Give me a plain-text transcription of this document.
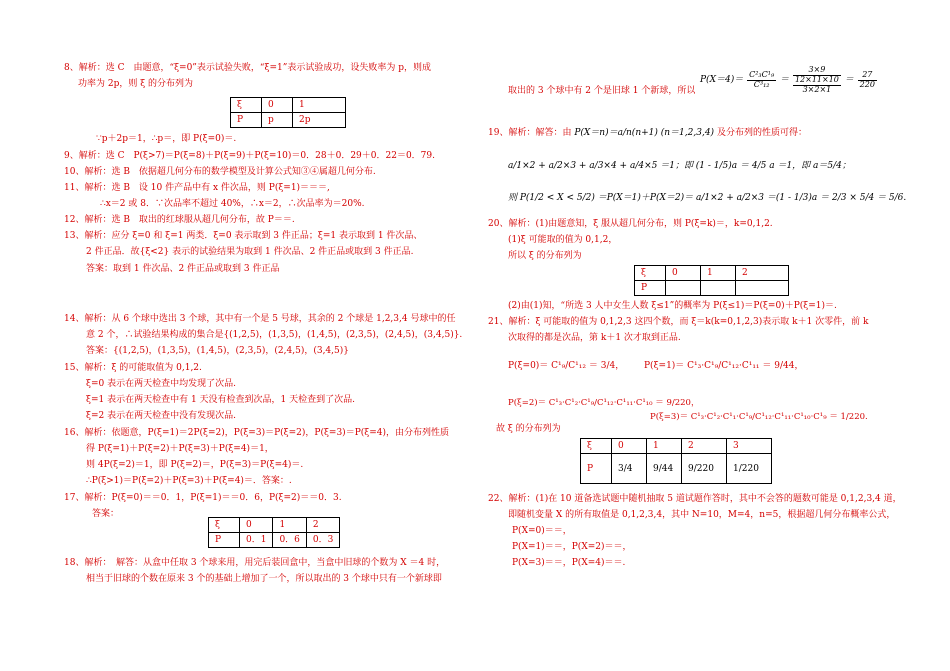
8、解析：选 C　由题意，“ξ=0”表示试验失败，“ξ=1”表示试验成功，设失败率为 p，则成
功率为 2p，则 ξ 的分布列为
ξ	0	1
P	p	2p
∵p＋2p＝1，∴p＝，即 P(ξ=0)＝.
9、解析：选 C　P(ξ>7)＝P(ξ=8)＋P(ξ=9)＋P(ξ=10)＝0．28＋0．29＋0．22＝0．79.
10、解析：选 B　依据超几何分布的数学模型及计算公式知③④属超几何分布.
11、解析：选 B　设 10 件产品中有 x 件次品，则 P(ξ=1)＝＝＝,
∴x＝2 或 8．∵次品率不超过 40%，∴x＝2，∴次品率为＝20%.
12、解析：选 B　取出的红球服从超几何分布，故 P＝＝.
13、解析：应分 ξ=0 和 ξ=1 两类．ξ=0 表示取到 3 件正品；ξ=1 表示取到 1 件次品、
2 件正品．故{ξ<2} 表示的试验结果为取到 1 件次品、2 件正品或取到 3 件正品.
答案：取到 1 件次品、2 件正品或取到 3 件正品
14、解析：从 6 个球中选出 3 个球，其中有一个是 5 号球，其余的 2 个球是 1,2,3,4 号球中的任
意 2 个，∴试验结果构成的集合是{(1,2,5)，(1,3,5)，(1,4,5)，(2,3,5)，(2,4,5)，(3,4,5)}.
答案：{(1,2,5)，(1,3,5)，(1,4,5)，(2,3,5)，(2,4,5)，(3,4,5)}
15、解析：ξ 的可能取值为 0,1,2.
ξ=0 表示在两天检查中均发现了次品.
ξ=1 表示在两天检查中有 1 天没有检查到次品，1 天检查到了次品.
ξ=2 表示在两天检查中没有发现次品.
16、解析：依题意，P(ξ=1)＝2P(ξ=2)，P(ξ=3)＝P(ξ=2)，P(ξ=3)＝P(ξ=4)，由分布列性质
得 P(ξ=1)＋P(ξ=2)＋P(ξ=3)＋P(ξ=4)＝1，
则 4P(ξ=2)＝1，即 P(ξ=2)＝，P(ξ=3)＝P(ξ=4)＝.
∴P(ξ>1)＝P(ξ=2)＋P(ξ=3)＋P(ξ=4)＝．答案：.
17、解析：P(ξ=0)＝＝0．1，P(ξ=1)＝＝0．6，P(ξ=2)＝＝0．3.
答案：
ξ	0	1	2
P	0．1	0．6	0．3
18、解析：　解答：从盒中任取 3 个球来用，用完后装回盒中，当盒中旧球的个数为 X ＝4 时，
相当于旧球的个数在原来 3 个的基础上增加了一个，所以取出的 3 个球中只有一个新球即
取出的 3 个球中有 2 个是旧球 1 个新球，所以
$P(X=4)= \frac{\text{C²₃C¹₉}}{\text{C³₁₂}}$ ＝
3×9
12×11×10
3×2×1
＝ $\frac{27}{220}$
19、解析：解答：由 P(X＝n)＝a/n(n+1) (n＝1,2,3,4) 及分布列的性质可得：
a/1×2 + a/2×3 + a/3×4 + a/4×5 ＝1；即 (1 - 1/5)a ＝ 4/5 a ＝1，即 a＝5/4；
则 P(1/2 < X < 5/2) ＝P(X＝1)＋P(X＝2)＝ a/1×2 + a/2×3 ＝(1 - 1/3)a ＝ 2/3 × 5/4 ＝ 5/6.
20、解析：(1)由题意知，ξ 服从超几何分布，则 P(ξ=k)＝，k=0,1,2.
(1)ξ 可能取的值为 0,1,2，
所以 ξ 的分布列为
ξ	0	1	2
P			
(2)由(1)知，“所选 3 人中女生人数 ξ≤1”的概率为 P(ξ≤1)＝P(ξ=0)＋P(ξ=1)＝.
21、解析：ξ 可能取的值为 0,1,2,3 这四个数，而 ξ＝k(k=0,1,2,3)表示取 k＋1 次零件，前 k
次取得的都是次品，第 k＋1 次才取到正品.
P(ξ=0)＝ C¹₉/C¹₁₂ ＝ 3/4， P(ξ=1)＝ C¹₃·C¹₉/C¹₁₂·C¹₁₁ ＝ 9/44，
P(ξ=2)＝ C¹₃·C¹₂·C¹₉/C¹₁₂·C¹₁₁·C¹₁₀ ＝ 9/220，
P(ξ=3)＝ C¹₃·C¹₂·C¹₁·C¹₉/C¹₁₂·C¹₁₁·C¹₁₀·C¹₉ ＝ 1/220.
故 ξ 的分布列为
ξ	0	1	2	3
P	3/4	9/44	9/220	1/220
22、解析：(1)在 10 道备选试题中随机抽取 5 道试题作答时，其中不会答的题数可能是 0,1,2,3,4 道，
即随机变量 X 的所有取值是 0,1,2,3,4，其中 N=10，M=4，n=5，根据超几何分布概率公式，
P(X=0)＝＝，
P(X=1)＝＝，P(X=2)＝＝，
P(X=3)＝＝，P(X=4)＝＝.
